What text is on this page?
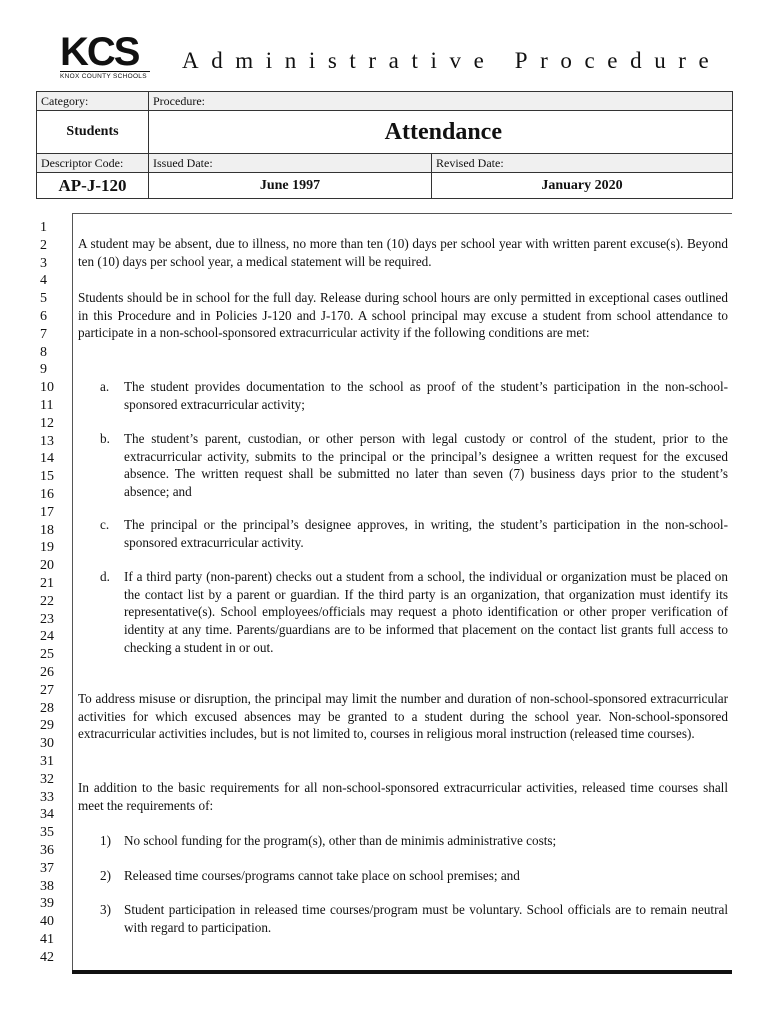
KCS
KNOX COUNTY SCHOOLS
Administrative Procedure
Category:	Procedure:
Students	Attendance
Descriptor Code:	Issued Date:	Revised Date:
AP-J-120	June 1997	January 2020
1
2
3
4
5
6
7
8
9
10
11
12
13
14
15
16
17
18
19
20
21
22
23
24
25
26
27
28
29
30
31
32
33
34
35
36
37
38
39
40
41
42
A student may be absent, due to illness, no more than ten (10) days per school year with written parent excuse(s). Beyond ten (10) days per school year, a medical statement will be required.
Students should be in school for the full day. Release during school hours are only permitted in exceptional cases outlined in this Procedure and in Policies J-120 and J-170. A school principal may excuse a student from school attendance to participate in a non-school-sponsored extracurricular activity if the following conditions are met:
a. The student provides documentation to the school as proof of the student’s participation in the non-school-sponsored extracurricular activity;
b. The student’s parent, custodian, or other person with legal custody or control of the student, prior to the extracurricular activity, submits to the principal or the principal’s designee a written request for the excused absence. The written request shall be submitted no later than seven (7) business days prior to the student’s absence; and
c. The principal or the principal’s designee approves, in writing, the student’s participation in the non-school-sponsored extracurricular activity.
d. If a third party (non-parent) checks out a student from a school, the individual or organization must be placed on the contact list by a parent or guardian. If the third party is an organization, that organization must identify its representative(s). School employees/officials may request a photo identification or other proper verification of identity at any time. Parents/guardians are to be informed that placement on the contact list grants full access to checking a student in or out.
To address misuse or disruption, the principal may limit the number and duration of non-school-sponsored extracurricular activities for which excused absences may be granted to a student during the school year. Non-school-sponsored extracurricular activities includes, but is not limited to, courses in religious moral instruction (released time courses).
In addition to the basic requirements for all non-school-sponsored extracurricular activities, released time courses shall meet the requirements of:
1) No school funding for the program(s), other than de minimis administrative costs;
2) Released time courses/programs cannot take place on school premises; and
3) Student participation in released time courses/program must be voluntary. School officials are to remain neutral with regard to participation.
